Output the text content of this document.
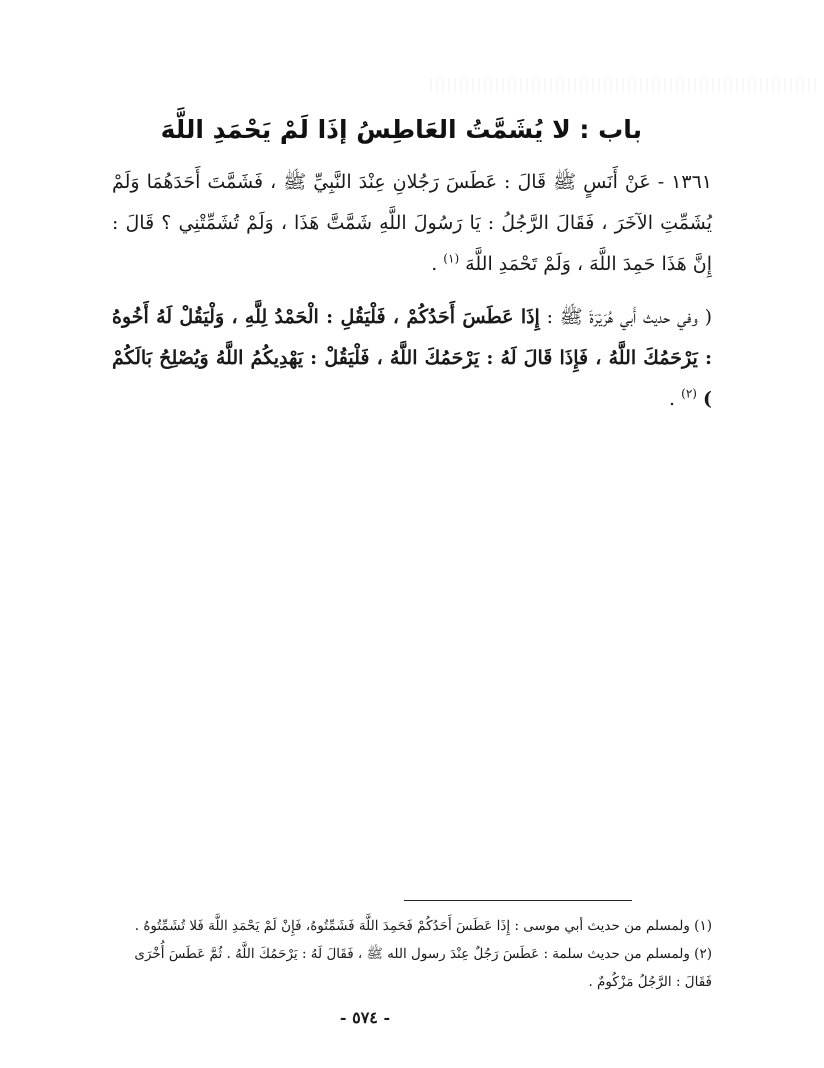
باب : لا يُشَمَّتُ العَاطِسُ إذَا لَمْ يَحْمَدِ اللَّهَ
١٣٦١ - عَنْ أَنَسٍ ﷺ قَالَ : عَطَسَ رَجُلانِ عِنْدَ النَّبِيِّ ﷺ ، فَشَمَّتَ أَحَدَهُمَا وَلَمْ يُشَمِّتِ الآخَرَ ، فَقَالَ الرَّجُلُ : يَا رَسُولَ اللَّهِ شَمَّتَّ هَذَا ، وَلَمْ تُشَمِّتْنِي ؟ قَالَ : إِنَّ هَذَا حَمِدَ اللَّهَ ، وَلَمْ تَحْمَدِ اللَّهَ $^{(١)}$ .
( وفي حديث أَبي هُرَيْرَةَ ﷺ : إِذَا عَطَسَ أَحَدُكُمْ ، فَلْيَقُلِ : الْحَمْدُ لِلَّهِ ، وَلْيَقُلْ لَهُ أَخُوهُ : يَرْحَمُكَ اللَّهُ ، فَإِذَا قَالَ لَهُ : يَرْحَمُكَ اللَّهُ ، فَلْيَقُلْ : يَهْدِيكُمُ اللَّهُ وَيُصْلِحُ بَالَكُمْ ) $^{(٢)}$ .

(١) ولمسلم من حديث أبي موسى : إِذَا عَطَسَ أَحَدُكُمْ فَحَمِدَ اللَّهَ فَشَمِّتُوهُ، فَإِنْ لَمْ يَحْمَدِ اللَّهَ فَلا تُشَمِّتُوهُ .

(٢) ولمسلم من حديث سلمة : عَطَسَ رَجُلٌ عِنْدَ رسول الله ﷺ ، فَقَالَ لَهُ : يَرْحَمُكَ اللَّهُ . ثُمَّ عَطَسَ أُخْرَى

فَقَالَ : الرَّجُلُ مَزْكُومٌ .

- ٥٧٤ -
